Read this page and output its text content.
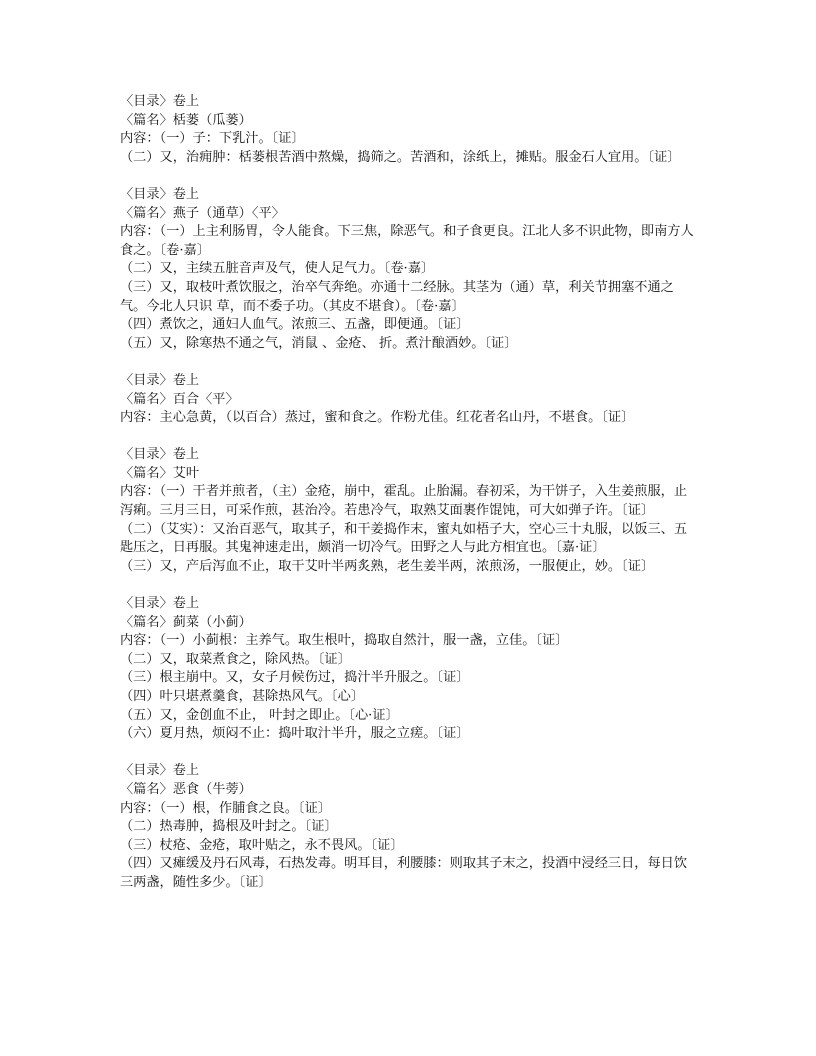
〈目录〉卷上
〈篇名〉栝蒌（瓜蒌）
内容：（一）子：下乳汁。〔证〕
（二）又，治痈肿：栝蒌根苦酒中熬燥，捣筛之。苦酒和，涂纸上，摊贴。服金石人宜用。〔证〕
〈目录〉卷上
〈篇名〉燕子（通草）〈平〉
内容：（一）上主利肠胃，令人能食。下三焦，除恶气。和子食更良。江北人多不识此物，即南方人食之。〔卷·嘉〕
（二）又，主续五脏音声及气，使人足气力。〔卷·嘉〕
（三）又，取枝叶煮饮服之，治卒气奔绝。亦通十二经脉。其茎为（通）草，利关节拥塞不通之气。今北人只识 草，而不委子功。（其皮不堪食）。〔卷·嘉〕
（四）煮饮之，通妇人血气。浓煎三、五盏，即便通。〔证〕
（五）又，除寒热不通之气，消鼠 、金疮、 折。煮汁酿酒妙。〔证〕
〈目录〉卷上
〈篇名〉百合〈平〉
内容：主心急黄，（以百合）蒸过，蜜和食之。作粉尤佳。红花者名山丹，不堪食。〔证〕
〈目录〉卷上
〈篇名〉艾叶
内容：（一）干者并煎者，（主）金疮，崩中，霍乱。止胎漏。春初采，为干饼子，入生姜煎服，止泻痢。三月三日，可采作煎，甚治冷。若患冷气，取熟艾面裹作馄饨，可大如弹子许。〔证〕
（二）（艾实）：又治百恶气，取其子，和干姜捣作末，蜜丸如梧子大，空心三十丸服，以饭三、五匙压之，日再服。其鬼神速走出，颇消一切冷气。田野之人与此方相宜也。〔嘉·证〕
（三）又，产后泻血不止，取干艾叶半两炙熟，老生姜半两，浓煎汤，一服便止，妙。〔证〕
〈目录〉卷上
〈篇名〉蓟菜（小蓟）
内容：（一）小蓟根：主养气。取生根叶，捣取自然汁，服一盏，立佳。〔证〕
（二）又，取菜煮食之，除风热。〔证〕
（三）根主崩中。又，女子月候伤过，捣汁半升服之。〔证〕
（四）叶只堪煮羹食，甚除热风气。〔心〕
（五）又，金创血不止， 叶封之即止。〔心·证〕
（六）夏月热，烦闷不止：捣叶取汁半升，服之立瘥。〔证〕
〈目录〉卷上
〈篇名〉恶食（牛蒡）
内容：（一）根，作脯食之良。〔证〕
（二）热毒肿，捣根及叶封之。〔证〕
（三）杖疮、金疮，取叶贴之，永不畏风。〔证〕
（四）又瘫缓及丹石风毒，石热发毒。明耳目，利腰膝：则取其子末之，投酒中浸经三日，每日饮三两盏，随性多少。〔证〕
